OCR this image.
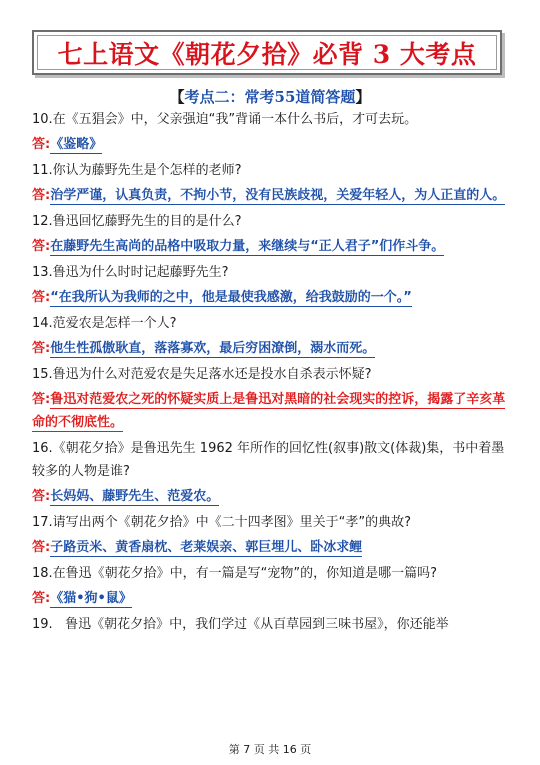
七上语文《朝花夕拾》必背 3 大考点
【考点二：常考55道简答题】

10.在《五猖会》中，父亲强迫“我”背诵一本什么书后，才可去玩。

答:《鉴略》

11.你认为藤野先生是个怎样的老师?

答:治学严谨，认真负责，不拘小节，没有民族歧视，关爱年轻人，为人正直的人。

12.鲁迅回忆藤野先生的目的是什么?

答:在藤野先生高尚的品格中吸取力量，来继续与“正人君子”们作斗争。

13.鲁迅为什么时时记起藤野先生?

答:“在我所认为我师的之中，他是最使我感激，给我鼓励的一个。”

14.范爱农是怎样一个人?

答:他生性孤傲耿直，落落寡欢，最后穷困潦倒，溺水而死。

15.鲁迅为什么对范爱农是失足落水还是投水自杀表示怀疑?

答:鲁迅对范爱农之死的怀疑实质上是鲁迅对黑暗的社会现实的控诉，揭露了辛亥革命的不彻底性。

16.《朝花夕拾》是鲁迅先生 1962 年所作的回忆性(叙事)散文(体裁)集，书中着墨较多的人物是谁?

答:长妈妈、藤野先生、范爱农。

17.请写出两个《朝花夕拾》中《二十四孝图》里关于“孝”的典故?

答:子路贡米、黄香扇枕、老莱娱亲、郭巨埋儿、卧冰求鲤

18.在鲁迅《朝花夕拾》中，有一篇是写“宠物”的，你知道是哪一篇吗?

答:《猫•狗•鼠》

19.   鲁迅《朝花夕拾》中，我们学过《从百草园到三味书屋》，你还能举

第 7 页 共 16 页
